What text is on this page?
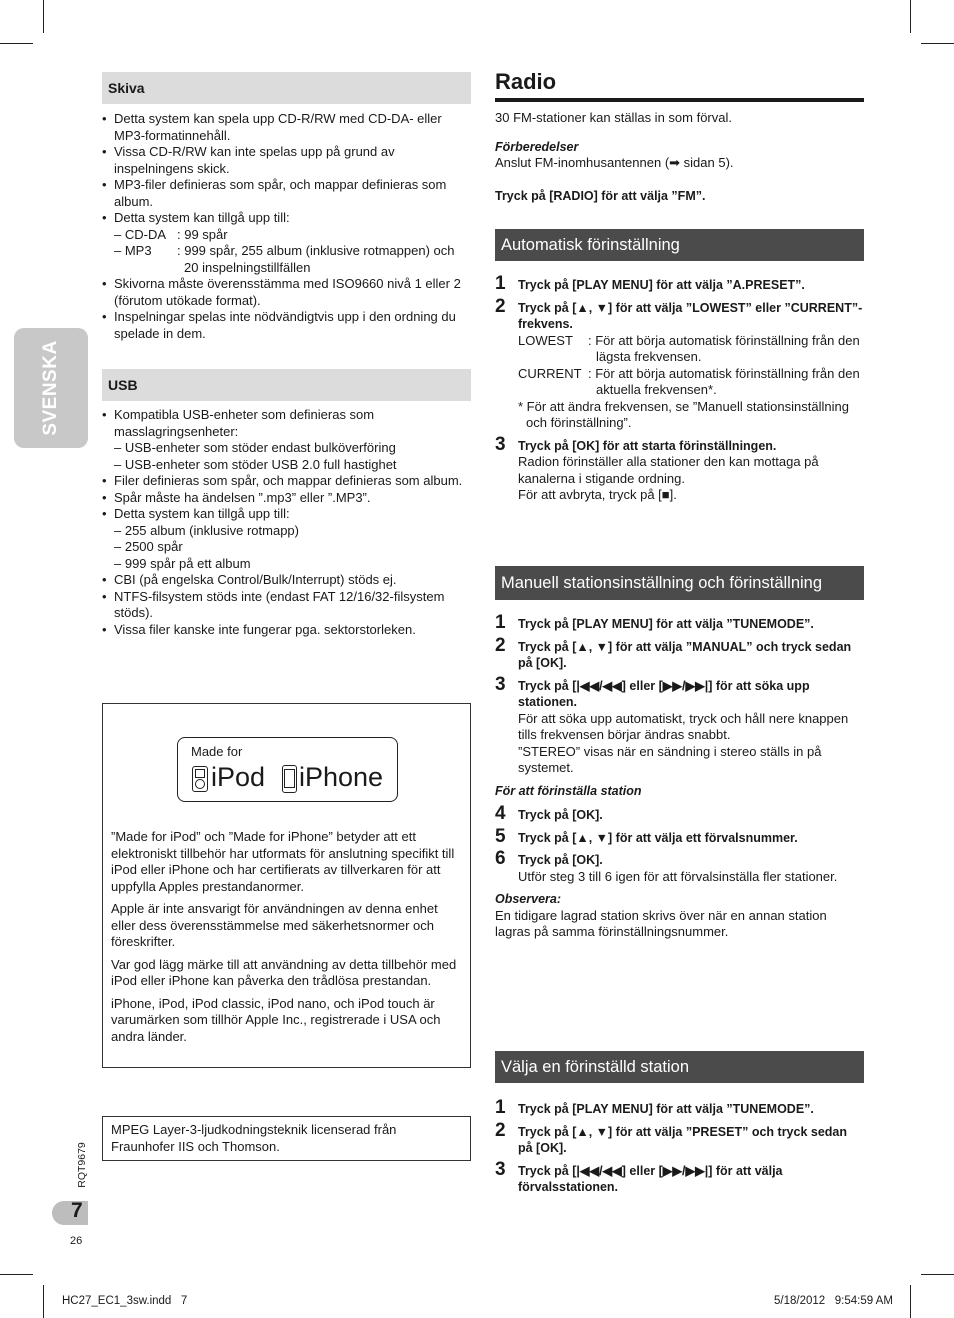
SVENSKA
Skiva
• Detta system kan spela upp CD-R/RW med CD-DA- eller MP3-formatinnehåll.
• Vissa CD-R/RW kan inte spelas upp på grund av inspelningens skick.
• MP3-filer definieras som spår, och mappar definieras som album.
• Detta system kan tillgå upp till:
– CD-DA : 99 spår
– MP3	: 999 spår, 255 album (inklusive rotmappen) och 20 inspelningstillfällen
• Skivorna måste överensstämma med ISO9660 nivå 1 eller 2 (förutom utökade format).
• Inspelningar spelas inte nödvändigtvis upp i den ordning du spelade in dem.
USB
• Kompatibla USB-enheter som definieras som masslagringsenheter:
– USB-enheter som stöder endast bulköverföring
– USB-enheter som stöder USB 2.0 full hastighet
• Filer definieras som spår, och mappar definieras som album.
• Spår måste ha ändelsen ”.mp3” eller ”.MP3”.
• Detta system kan tillgå upp till:
– 255 album (inklusive rotmapp)
– 2500 spår
– 999 spår på ett album
• CBI (på engelska Control/Bulk/Interrupt) stöds ej.
• NTFS-filsystem stöds inte (endast FAT 12/16/32-filsystem stöds).
• Vissa filer kanske inte fungerar pga. sektorstorleken.
Made for
iPod iPhone

”Made for iPod” och ”Made for iPhone” betyder att ett elektroniskt tillbehör har utformats för anslutning specifikt till iPod eller iPhone och har certifierats av tillverkaren för att uppfylla Apples prestandanormer.

Apple är inte ansvarigt för användningen av denna enhet eller dess överensstämmelse med säkerhetsnormer och föreskrifter.

Var god lägg märke till att användning av detta tillbehör med iPod eller iPhone kan påverka den trådlösa prestandan.

iPhone, iPod, iPod classic, iPod nano, och iPod touch är varumärken som tillhör Apple Inc., registrerade i USA och andra länder.

MPEG Layer-3-ljudkodningsteknik licenserad från Fraunhofer IIS och Thomson.

RQT9679
7
26
Radio

30 FM-stationer kan ställas in som förval.

Förberedelser

Anslut FM-inomhusantennen (➡ sidan 5).

Tryck på [RADIO] för att välja ”FM”.

Automatisk förinställning
1 Tryck på [PLAY MENU] för att välja ”A.PRESET”.
2 Tryck på [▲, ▼] för att välja ”LOWEST” eller ”CURRENT”-frekvens.
LOWEST	: För att börja automatisk förinställning från den lägsta frekvensen.
CURRENT : För att börja automatisk förinställning från den aktuella frekvensen*.
* För att ändra frekvensen, se ”Manuell stationsinställning och förinställning”.
3 Tryck på [OK] för att starta förinställningen.
Radion förinställer alla stationer den kan mottaga på kanalerna i stigande ordning.
För att avbryta, tryck på [■].
Manuell stationsinställning och förinställning
1 Tryck på [PLAY MENU] för att välja ”TUNEMODE”.
2 Tryck på [▲, ▼] för att välja ”MANUAL” och tryck sedan på [OK].
3 Tryck på [|◀◀/◀◀] eller [▶▶/▶▶|] för att söka upp stationen.
För att söka upp automatiskt, tryck och håll nere knappen tills frekvensen börjar ändras snabbt.
”STEREO” visas när en sändning i stereo ställs in på systemet.
För att förinställa station
4 Tryck på [OK].
5 Tryck på [▲, ▼] för att välja ett förvalsnummer.
6 Tryck på [OK].
Utför steg 3 till 6 igen för att förvalsinställa fler stationer.
Observera:
En tidigare lagrad station skrivs över när en annan station lagras på samma förinställningsnummer.
Välja en förinställd station
1 Tryck på [PLAY MENU] för att välja ”TUNEMODE”.
2 Tryck på [▲, ▼] för att välja ”PRESET” och tryck sedan på [OK].
3 Tryck på [|◀◀/◀◀] eller [▶▶/▶▶|] för att välja förvalsstationen.
HC27_EC1_3sw.indd   7	5/18/2012   9:54:59 AM
